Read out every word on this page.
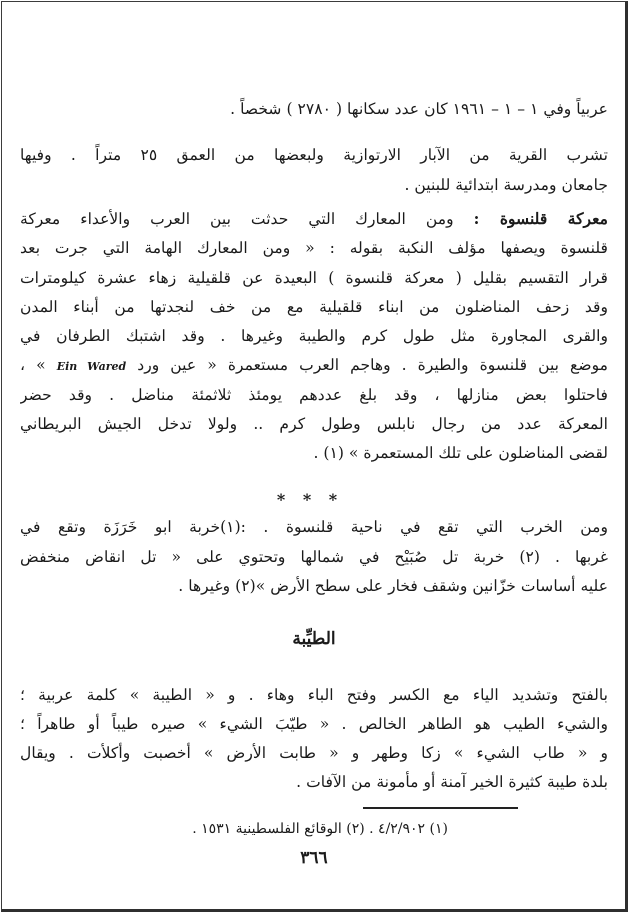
عربياً وفي ١ – ١ – ١٩٦١ كان عدد سكانها ( ٢٧٨٠ ) شخصاً .
تشرب القرية من الآبار الارتوازية ولبعضها من العمق ٢٥ متراً . وفيها
جامعان ومدرسة ابتدائية للبنين .
معركة قلنسوة : ومن المعارك التي حدثت بين العرب والأعداء معركة
قلنسوة ويصفها مؤلف النكبة بقوله : « ومن المعارك الهامة التي جرت بعد
قرار التقسيم بقليل ( معركة قلنسوة ) البعيدة عن قلقيلية زهاء عشرة كيلومترات
وقد زحف المناضلون من ابناء قلقيلية مع من خف لنجدتها من أبناء المدن
والقرى المجاورة مثل طول كرم والطيبة وغيرها . وقد اشتبك الطرفان في
موضع بين قلنسوة والطيرة . وهاجم العرب مستعمرة « عين ورد Ein Wared » ،
فاحتلوا بعض منازلها ، وقد بلغ عددهم يومئذ ثلاثمئة مناضل . وقد حضر
المعركة عدد من رجال نابلس وطول كرم .. ولولا تدخل الجيش البريطاني
لقضى المناضلون على تلك المستعمرة » (١) .
* * *
ومن الخرب التي تقع في ناحية قلنسوة . :(١)خربة ابو خَرَزَة وتقع في
غربها . (٢) خربة تل صُبَيْح في شمالها وتحتوي على « تل انقاض منخفض
عليه أساسات خزّانين وشقف فخار على سطح الأرض »(٢) وغيرها .
الطيِّبة
بالفتح وتشديد الياء مع الكسر وفتح الباء وهاء . و « الطيبة » كلمة عربية ؛
والشيء الطيب هو الطاهر الخالص . « طيّبَ الشيء » صيره طيباً أو طاهراً ؛
و « طاب الشيء » زكا وطهر و « طابت الأرض » أخصبت وأكلأت . ويقال
بلدة طيبة كثيرة الخير آمنة أو مأمونة من الآفات .
(١) ٤/٢/٩٠٢ . (٢) الوقائع الفلسطينية ١٥٣١ .
٣٦٦
